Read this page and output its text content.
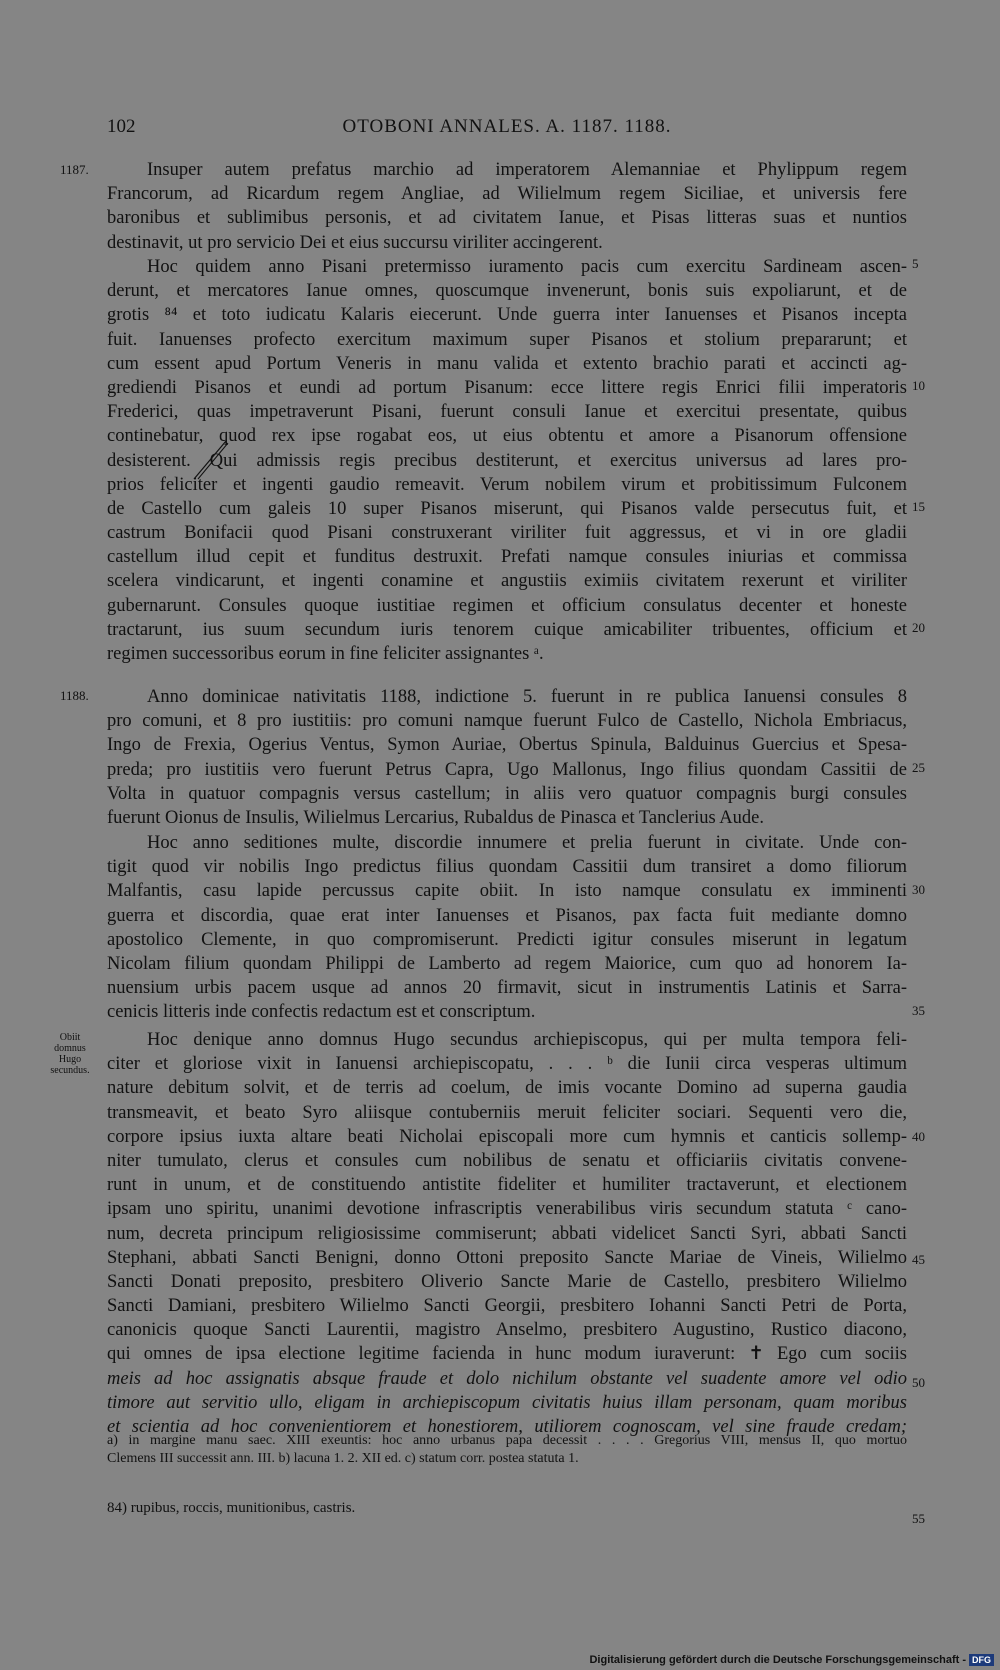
102	OTOBONI ANNALES. A. 1187. 1188.
1187.
1188.
Obiit
domnus
Hugo
secundus.
5
10
15
20
25
30
35
40
45
50
55
Insuper autem prefatus marchio ad imperatorem Alemanniae et Phylippum regem
Francorum, ad Ricardum regem Angliae, ad Wilielmum regem Siciliae, et universis fere
baronibus et sublimibus personis, et ad civitatem Ianue, et Pisas litteras suas et nuntios
destinavit, ut pro servicio Dei et eius succursu viriliter accingerent.
Hoc quidem anno Pisani pretermisso iuramento pacis cum exercitu Sardineam ascen-
derunt, et mercatores Ianue omnes, quoscumque invenerunt, bonis suis expoliarunt, et de
grotis ⁸⁴ et toto iudicatu Kalaris eiecerunt. Unde guerra inter Ianuenses et Pisanos incepta
fuit. Ianuenses profecto exercitum maximum super Pisanos et stolium prepararunt; et
cum essent apud Portum Veneris in manu valida et extento brachio parati et accincti ag-
grediendi Pisanos et eundi ad portum Pisanum: ecce littere regis Enrici filii imperatoris
Frederici, quas impetraverunt Pisani, fuerunt consuli Ianue et exercitui presentate, quibus
continebatur, quod rex ipse rogabat eos, ut eius obtentu et amore a Pisanorum offensione
desisterent. Qui admissis regis precibus destiterunt, et exercitus universus ad lares pro-
prios feliciter et ingenti gaudio remeavit. Verum nobilem virum et probitissimum Fulconem
de Castello cum galeis 10 super Pisanos miserunt, qui Pisanos valde persecutus fuit, et
castrum Bonifacii quod Pisani construxerant viriliter fuit aggressus, et vi in ore gladii
castellum illud cepit et funditus destruxit. Prefati namque consules iniurias et commissa
scelera vindicarunt, et ingenti conamine et angustiis eximiis civitatem rexerunt et viriliter
gubernarunt. Consules quoque iustitiae regimen et officium consulatus decenter et honeste
tractarunt, ius suum secundum iuris tenorem cuique amicabiliter tribuentes, officium et
regimen successoribus eorum in fine feliciter assignantes ᵃ.
Anno dominicae nativitatis 1188, indictione 5. fuerunt in re publica Ianuensi consules 8
pro comuni, et 8 pro iustitiis: pro comuni namque fuerunt Fulco de Castello, Nichola Embriacus,
Ingo de Frexia, Ogerius Ventus, Symon Auriae, Obertus Spinula, Balduinus Guercius et Spesa-
preda; pro iustitiis vero fuerunt Petrus Capra, Ugo Mallonus, Ingo filius quondam Cassitii de
Volta in quatuor compagnis versus castellum; in aliis vero quatuor compagnis burgi consules
fuerunt Oionus de Insulis, Wilielmus Lercarius, Rubaldus de Pinasca et Tanclerius Aude.
Hoc anno seditiones multe, discordie innumere et prelia fuerunt in civitate. Unde con-
tigit quod vir nobilis Ingo predictus filius quondam Cassitii dum transiret a domo filiorum
Malfantis, casu lapide percussus capite obiit. In isto namque consulatu ex imminenti
guerra et discordia, quae erat inter Ianuenses et Pisanos, pax facta fuit mediante domno
apostolico Clemente, in quo compromiserunt. Predicti igitur consules miserunt in legatum
Nicolam filium quondam Philippi de Lamberto ad regem Maiorice, cum quo ad honorem Ia-
nuensium urbis pacem usque ad annos 20 firmavit, sicut in instrumentis Latinis et Sarra-
cenicis litteris inde confectis redactum est et conscriptum.
Hoc denique anno domnus Hugo secundus archiepiscopus, qui per multa tempora feli-
citer et gloriose vixit in Ianuensi archiepiscopatu, . . . ᵇ die Iunii circa vesperas ultimum
nature debitum solvit, et de terris ad coelum, de imis vocante Domino ad superna gaudia
transmeavit, et beato Syro aliisque contuberniis meruit feliciter sociari. Sequenti vero die,
corpore ipsius iuxta altare beati Nicholai episcopali more cum hymnis et canticis sollemp-
niter tumulato, clerus et consules cum nobilibus de senatu et officiariis civitatis convene-
runt in unum, et de constituendo antistite fideliter et humiliter tractaverunt, et electionem
ipsam uno spiritu, unanimi devotione infrascriptis venerabilibus viris secundum statuta ᶜ cano-
num, decreta principum religiosissime commiserunt; abbati videlicet Sancti Syri, abbati Sancti
Stephani, abbati Sancti Benigni, donno Ottoni preposito Sancte Mariae de Vineis, Wilielmo
Sancti Donati preposito, presbitero Oliverio Sancte Marie de Castello, presbitero Wilielmo
Sancti Damiani, presbitero Wilielmo Sancti Georgii, presbitero Iohanni Sancti Petri de Porta,
canonicis quoque Sancti Laurentii, magistro Anselmo, presbitero Augustino, Rustico diacono,
qui omnes de ipsa electione legitime facienda in hunc modum iuraverunt: ✝ Ego cum sociis
meis ad hoc assignatis absque fraude et dolo nichilum obstante vel suadente amore vel odio
timore aut servitio ullo, eligam in archiepiscopum civitatis huius illam personam, quam moribus
et scientia ad hoc convenientiorem et honestiorem, utiliorem cognoscam, vel sine fraude credam;
a) in margine manu saec. XIII exeuntis: hoc anno urbanus papa decessit . . . . Gregorius VIII, mensus II, quo mortuo
Clemens III successit ann. III. b) lacuna 1. 2. XII ed. c) statum corr. postea statuta 1.
84) rupibus, roccis, munitionibus, castris.
Digitalisierung gefördert durch die Deutsche Forschungsgemeinschaft - DFG
